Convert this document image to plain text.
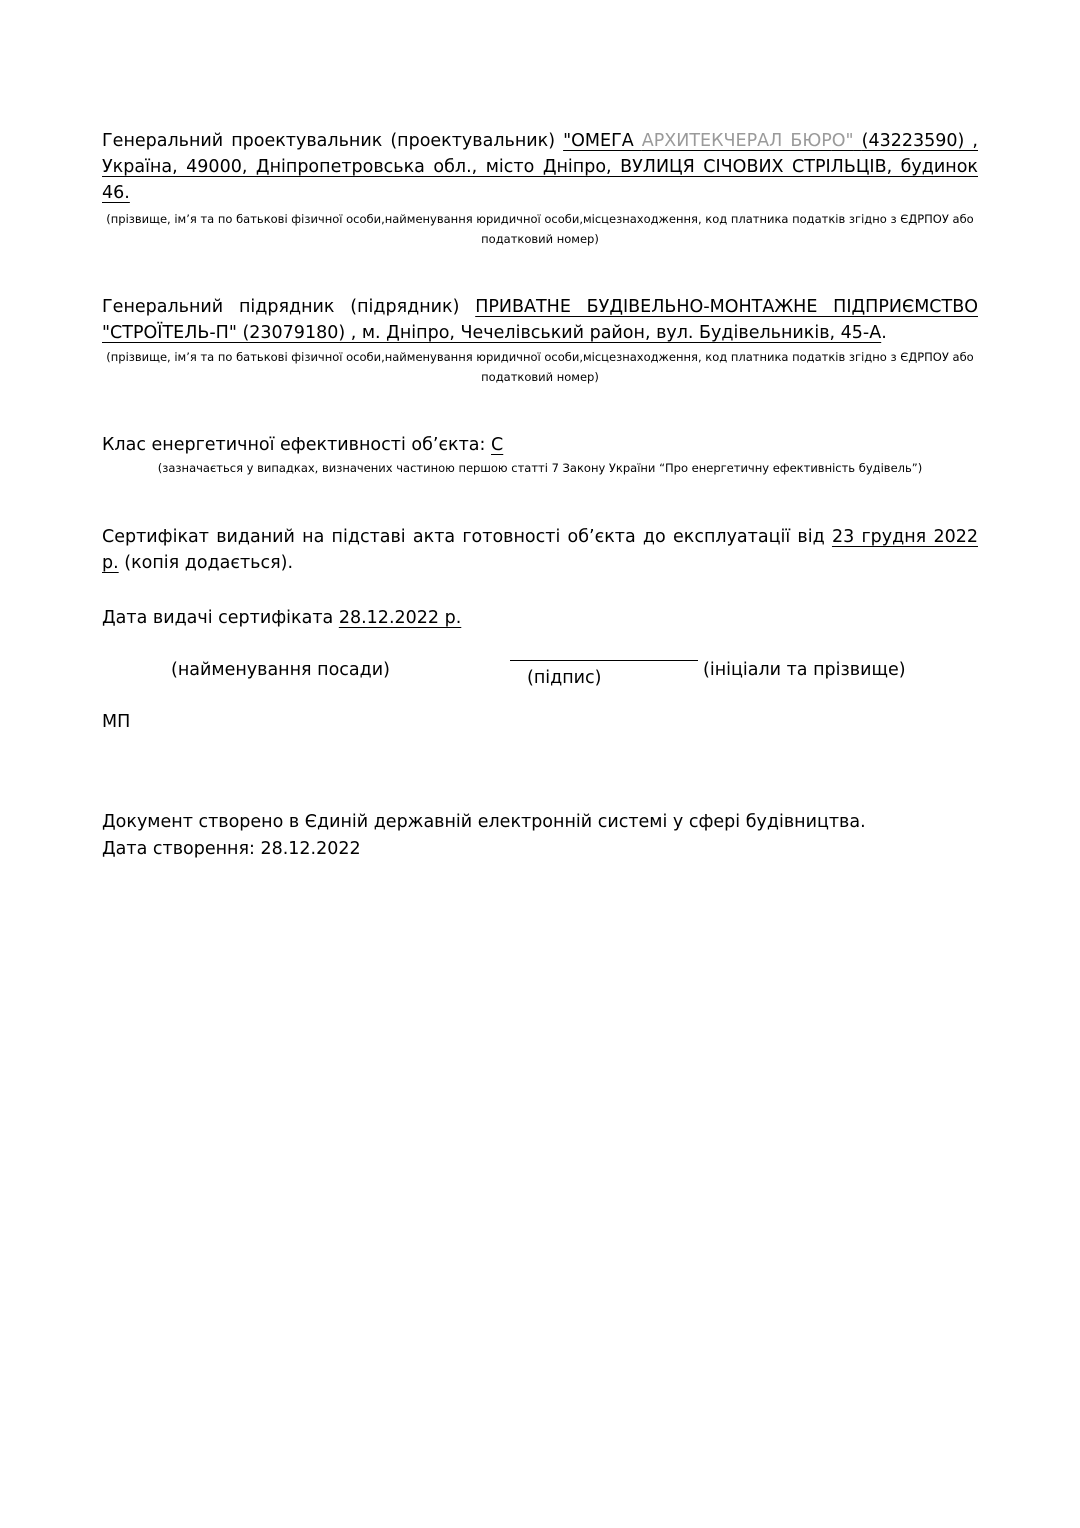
Генеральний проектувальник (проектувальник) "ОМЕГА АРХИТЕКЧЕРАЛ БЮРО" (43223590) , Україна, 49000, Дніпропетровська обл., місто Дніпро, ВУЛИЦЯ СІЧОВИХ СТРІЛЬЦІВ, будинок 46.
(прізвище, ім’я та по батькові фізичної особи,найменування юридичної особи,місцезнаходження, код платника податків згідно з ЄДРПОУ або податковий номер)
Генеральний підрядник (підрядник) ПРИВАТНЕ БУДІВЕЛЬНО-МОНТАЖНЕ ПІДПРИЄМСТВО "СТРОЇТЕЛЬ-П" (23079180) , м. Дніпро, Чечелівський район, вул. Будівельників, 45-А.
(прізвище, ім’я та по батькові фізичної особи,найменування юридичної особи,місцезнаходження, код платника податків згідно з ЄДРПОУ або податковий номер)
Клас енергетичної ефективності об’єкта: С
(зазначається у випадках, визначених частиною першою статті 7 Закону України “Про енергетичну ефективність будівель”)
Сертифікат виданий на підставі акта готовності об’єкта до експлуатації від 23 грудня 2022 р. (копія додається).
Дата видачі сертифіката 28.12.2022 р.
(найменування посади)	(підпис)	(ініціали та прізвище)
МП
Документ створено в Єдиній державній електронній системі у сфері будівництва.
Дата створення: 28.12.2022
